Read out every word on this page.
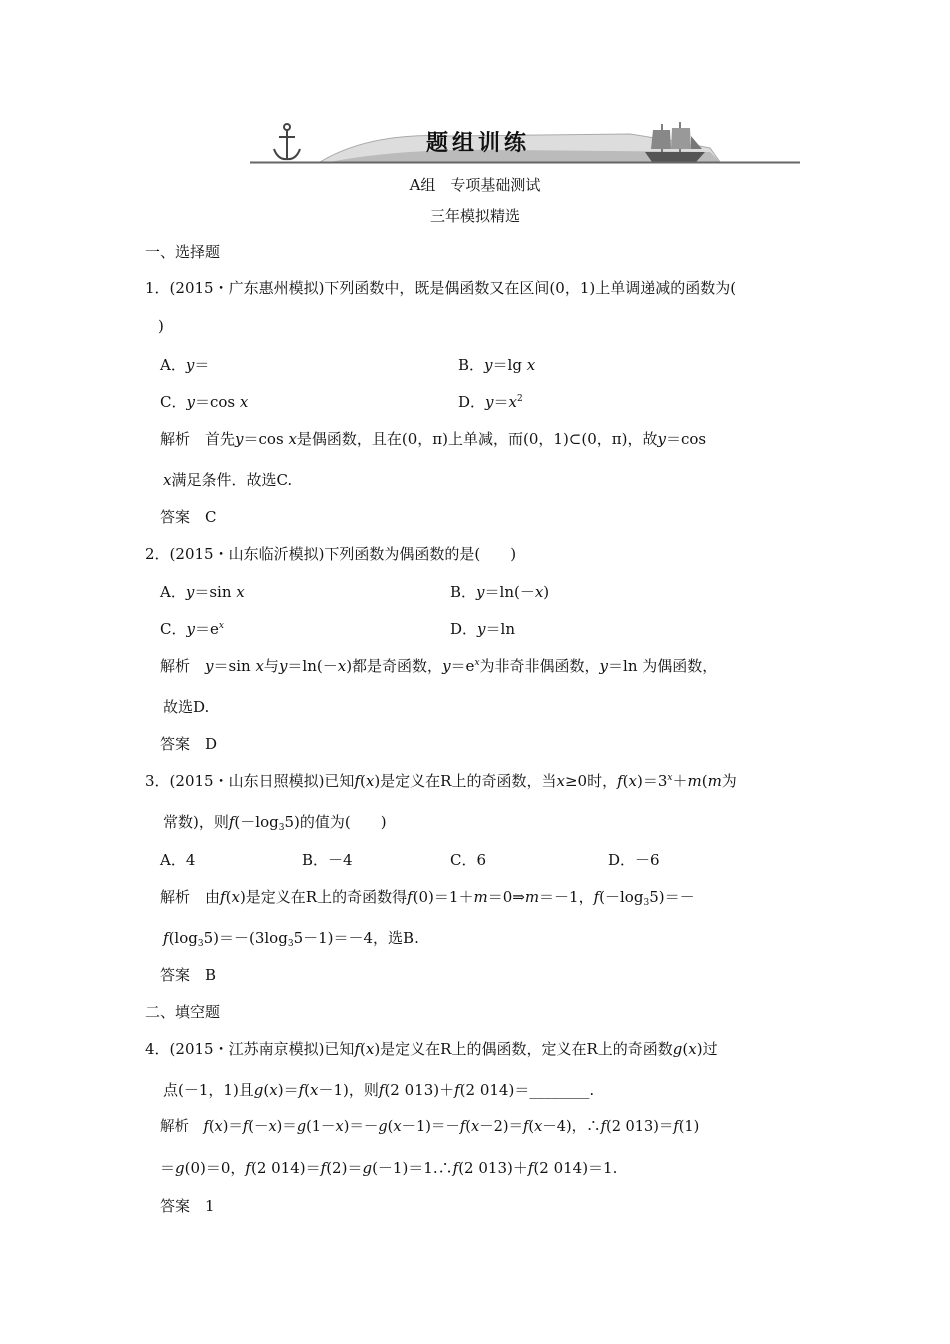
题组训练
A组　专项基础测试
三年模拟精选
一、选择题
1．(2015・广东惠州模拟)下列函数中，既是偶函数又在区间(0，1)上单调递减的函数为(
)
A．y＝	B．y＝lg x
C．y＝cos x	D．$y=x^2$
解析　 首先y＝cos x是偶函数，且在(0，π)上单减，而(0，1)⊂(0，π)，故y＝cos
x满足条件．故选C.
答案　C
2．(2015・山东临沂模拟)下列函数为偶函数的是(　　)
A．y＝sin x	B．y＝ln(－x)
C．$y=e^x$	D．y＝ln
解析　 y＝sin x与y＝ln(－x)都是奇函数，$y=e^x$为非奇非偶函数，y＝ln 为偶函数，
故选D.
答案　D
3．(2015・山东日照模拟)已知f(x)是定义在R上的奇函数，当x≥0时，$f(x)=3^x+m(m$为
常数)，则$f(-\log_35)$的值为(　　)
A．4	B．－4	C．6	D．－6
解析　 由f(x)是定义在R上的奇函数得f(0)＝1＋m＝0⇒m＝－1，$f(-\log_35)=-$
$f(\log_35)=-(3\log_35-1)=-4$，选B.
答案　B
二、填空题
4．(2015・江苏南京模拟)已知f(x)是定义在R上的偶函数，定义在R上的奇函数g(x)过
点(－1，1)且g(x)＝f(x－1)，则f(2 013)＋f(2 014)＝________.
解析　 f(x)＝f(－x)＝g(1－x)＝－g(x－1)＝－f(x－2)＝f(x－4)，∴f(2 013)＝f(1)
＝g(0)＝0，f(2 014)＝f(2)＝g(－1)＝1.∴f(2 013)＋f(2 014)＝1.
答案　1
